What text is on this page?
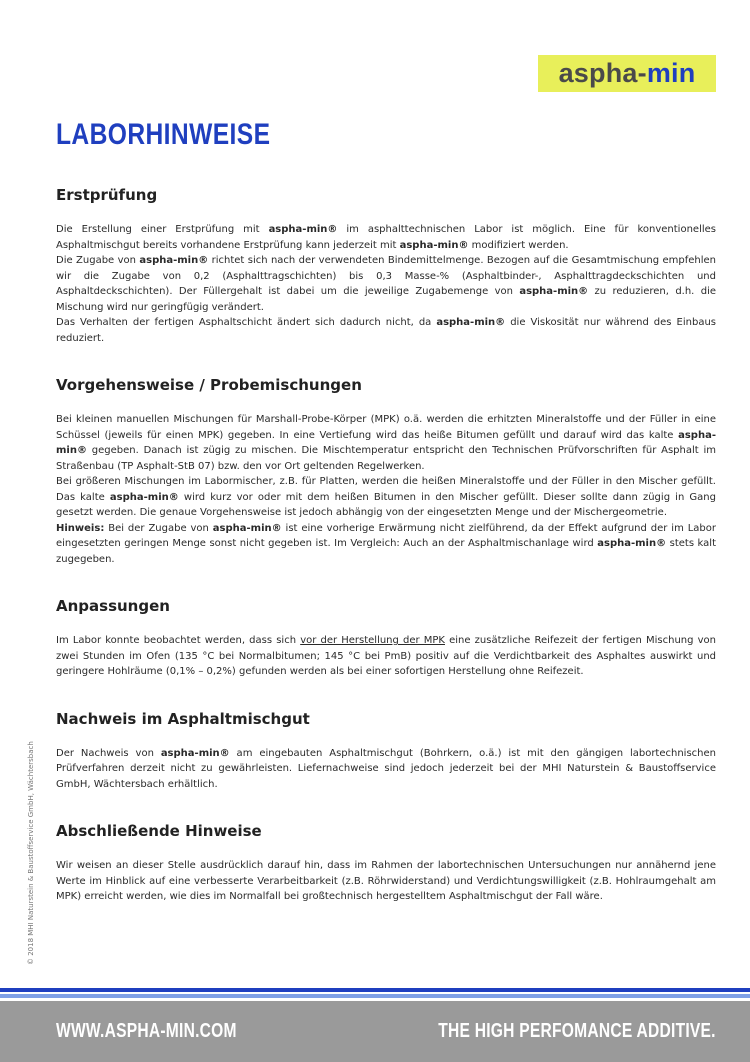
aspha- min
LABORHINWEISE
Erstprüfung

Die Erstellung einer Erstprüfung mit aspha-min® im asphalttechnischen Labor ist möglich. Eine für konventionelles Asphaltmischgut bereits vorhandene Erstprüfung kann jederzeit mit aspha-min® modifiziert werden.

Die Zugabe von aspha-min® richtet sich nach der verwendeten Bindemittelmenge. Bezogen auf die Gesamtmischung empfehlen wir die Zugabe von 0,2 (Asphalttragschichten) bis 0,3 Masse-% (Asphaltbinder-, Asphalttragdeckschichten und Asphaltdeckschichten). Der Füllergehalt ist dabei um die jeweilige Zugabemenge von aspha-min® zu reduzieren, d.h. die Mischung wird nur geringfügig verändert.

Das Verhalten der fertigen Asphaltschicht ändert sich dadurch nicht, da aspha-min® die Viskosität nur während des Einbaus reduziert.

Vorgehensweise / Probemischungen

Bei kleinen manuellen Mischungen für Marshall-Probe-Körper (MPK) o.ä. werden die erhitzten Mineralstoffe und der Füller in eine Schüssel (jeweils für einen MPK) gegeben. In eine Vertiefung wird das heiße Bitumen gefüllt und darauf wird das kalte aspha-min® gegeben. Danach ist zügig zu mischen. Die Mischtemperatur entspricht den Technischen Prüfvorschriften für Asphalt im Straßenbau (TP Asphalt-StB 07) bzw. den vor Ort geltenden Regelwerken.

Bei größeren Mischungen im Labormischer, z.B. für Platten, werden die heißen Mineralstoffe und der Füller in den Mischer gefüllt. Das kalte aspha-min® wird kurz vor oder mit dem heißen Bitumen in den Mischer gefüllt. Dieser sollte dann zügig in Gang gesetzt werden. Die genaue Vorgehensweise ist jedoch abhängig von der eingesetzten Menge und der Mischergeometrie.

Hinweis: Bei der Zugabe von aspha-min® ist eine vorherige Erwärmung nicht zielführend, da der Effekt aufgrund der im Labor eingesetzten geringen Menge sonst nicht gegeben ist. Im Vergleich: Auch an der Asphaltmischanlage wird aspha-min® stets kalt zugegeben.

Anpassungen

Im Labor konnte beobachtet werden, dass sich vor der Herstellung der MPK eine zusätzliche Reifezeit der fertigen Mischung von zwei Stunden im Ofen (135 °C bei Normalbitumen; 145 °C bei PmB) positiv auf die Verdichtbarkeit des Asphaltes auswirkt und geringere Hohlräume (0,1% – 0,2%) gefunden werden als bei einer sofortigen Herstellung ohne Reifezeit.

Nachweis im Asphaltmischgut

Der Nachweis von aspha-min® am eingebauten Asphaltmischgut (Bohrkern, o.ä.) ist mit den gängigen labortechnischen Prüfverfahren derzeit nicht zu gewährleisten. Liefernachweise sind jedoch jederzeit bei der MHI Naturstein & Baustoffservice GmbH, Wächtersbach erhältlich.

Abschließende Hinweise

Wir weisen an dieser Stelle ausdrücklich darauf hin, dass im Rahmen der labortechnischen Untersuchungen nur annähernd jene Werte im Hinblick auf eine verbesserte Verarbeitbarkeit (z.B. Röhrwiderstand) und Verdichtungswilligkeit (z.B. Hohlraumgehalt am MPK) erreicht werden, wie dies im Normalfall bei großtechnisch hergestelltem Asphaltmischgut der Fall wäre.

© 2018 MHI Naturstein & Baustoffservice GmbH, Wächtersbach
WWW.ASPHA-MIN.COM	THE HIGH PERFOMANCE ADDITIVE.
